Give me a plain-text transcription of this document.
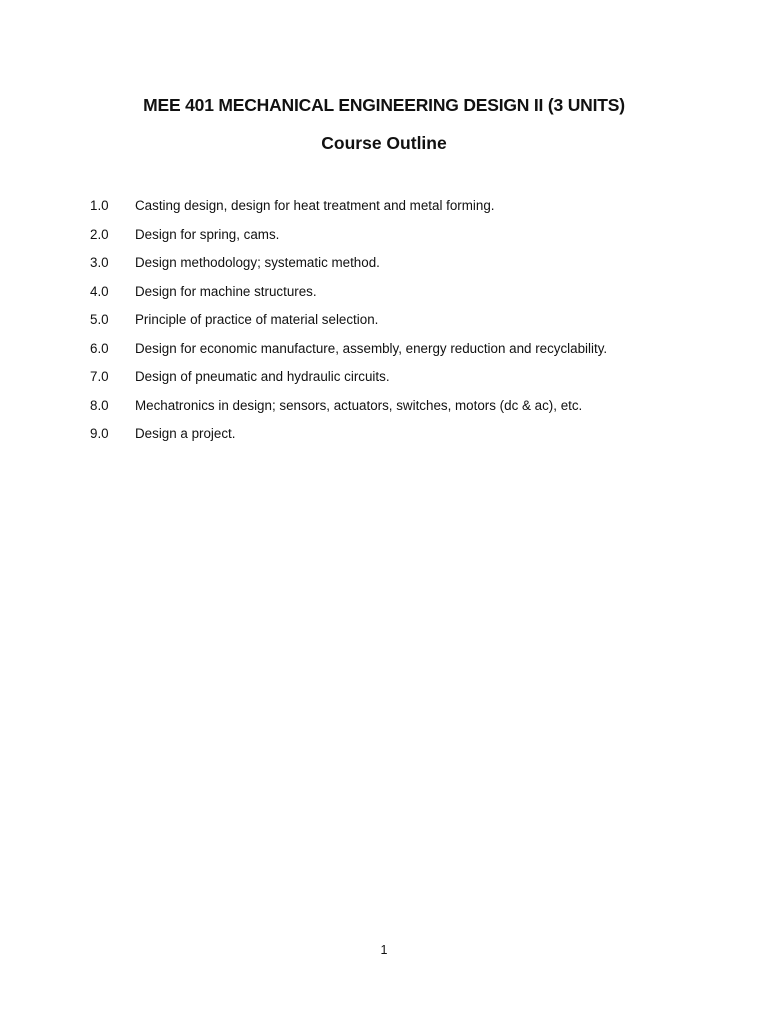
MEE 401 MECHANICAL ENGINEERING DESIGN II (3 UNITS)
Course Outline
1.0	Casting design, design for heat treatment and metal forming.
2.0	Design for spring, cams.
3.0	Design methodology; systematic method.
4.0	Design for machine structures.
5.0	Principle of practice of material selection.
6.0	Design for economic manufacture, assembly, energy reduction and recyclability.
7.0	Design of pneumatic and hydraulic circuits.
8.0	Mechatronics in design; sensors, actuators, switches, motors (dc & ac), etc.
9.0	Design a project.
1
